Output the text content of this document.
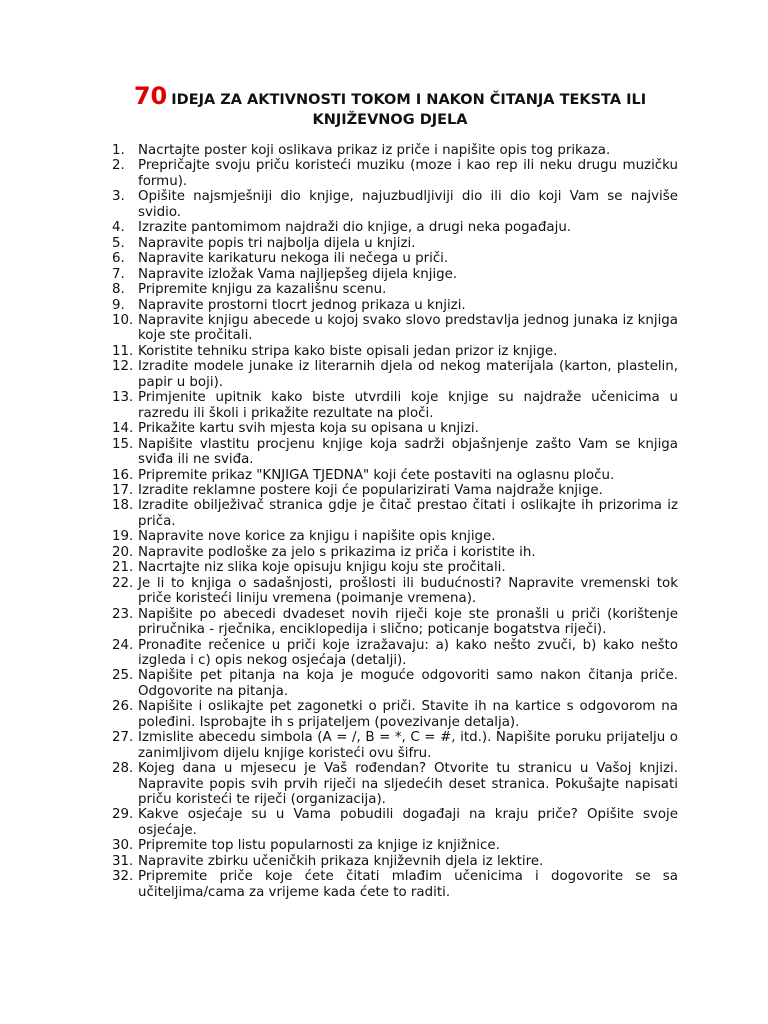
70 IDEJA ZA AKTIVNOSTI TOKOM I NAKON ČITANJA TEKSTA ILI
KNJIŽEVNOG DJELA
1. Nacrtajte poster koji oslikava prikaz iz priče i napišite opis tog prikaza.
2. Prepričajte svoju priču koristeći muziku (moze i kao rep ili neku drugu muzičku formu).
3. Opišite najsmješniji dio knjige, najuzbudljiviji dio ili dio koji Vam se najviše svidio.
4. Izrazite pantomimom najdraži dio knjige, a drugi neka pogađaju.
5. Napravite popis tri najbolja dijela u knjizi.
6. Napravite karikaturu nekoga ili nečega u priči.
7. Napravite izložak Vama najljepšeg dijela knjige.
8. Pripremite knjigu za kazališnu scenu.
9. Napravite prostorni tlocrt jednog prikaza u knjizi.
10. Napravite knjigu abecede u kojoj svako slovo predstavlja jednog junaka iz knjiga koje ste pročitali.
11. Koristite tehniku stripa kako biste opisali jedan prizor iz knjige.
12. Izradite modele junake iz literarnih djela od nekog materijala (karton, plastelin, papir u boji).
13. Primjenite upitnik kako biste utvrdili koje knjige su najdraže učenicima u razredu ili školi i prikažite rezultate na ploči.
14. Prikažite kartu svih mjesta koja su opisana u knjizi.
15. Napišite vlastitu procjenu knjige koja sadrži objašnjenje zašto Vam se knjiga sviđa ili ne sviđa.
16. Pripremite prikaz "KNJIGA TJEDNA" koji ćete postaviti na oglasnu ploču.
17. Izradite reklamne postere koji će popularizirati Vama najdraže knjige.
18. Izradite obilježivač stranica gdje je čitač prestao čitati i oslikajte ih prizorima iz priča.
19. Napravite nove korice za knjigu i napišite opis knjige.
20. Napravite podloške za jelo s prikazima iz priča i koristite ih.
21. Nacrtajte niz slika koje opisuju knjigu koju ste pročitali.
22. Je li to knjiga o sadašnjosti, prošlosti ili budućnosti? Napravite vremenski tok priče koristeći liniju vremena (poimanje vremena).
23. Napišite po abecedi dvadeset novih riječi koje ste pronašli u priči (korištenje priručnika - rječnika, enciklopedija i slično; poticanje bogatstva riječi).
24. Pronađite rečenice u priči koje izražavaju: a) kako nešto zvuči, b) kako nešto izgleda i c) opis nekog osjećaja (detalji).
25. Napišite pet pitanja na koja je moguće odgovoriti samo nakon čitanja priče. Odgovorite na pitanja.
26. Napišite i oslikajte pet zagonetki o priči. Stavite ih na kartice s odgovorom na poleđini. Isprobajte ih s prijateljem (povezivanje detalja).
27. Izmislite abecedu simbola (A = /, B = *, C = #, itd.). Napišite poruku prijatelju o zanimljivom dijelu knjige koristeći ovu šifru.
28. Kojeg dana u mjesecu je Vaš rođendan? Otvorite tu stranicu u Vašoj knjizi. Napravite popis svih prvih riječi na sljedećih deset stranica. Pokušajte napisati priču koristeći te riječi (organizacija).
29. Kakve osjećaje su u Vama pobudili događaji na kraju priče? Opišite svoje osjećaje.
30. Pripremite top listu popularnosti za knjige iz knjižnice.
31. Napravite zbirku učeničkih prikaza književnih djela iz lektire.
32. Pripremite priče koje ćete čitati mlađim učenicima i dogovorite se sa učiteljima/cama za vrijeme kada ćete to raditi.
